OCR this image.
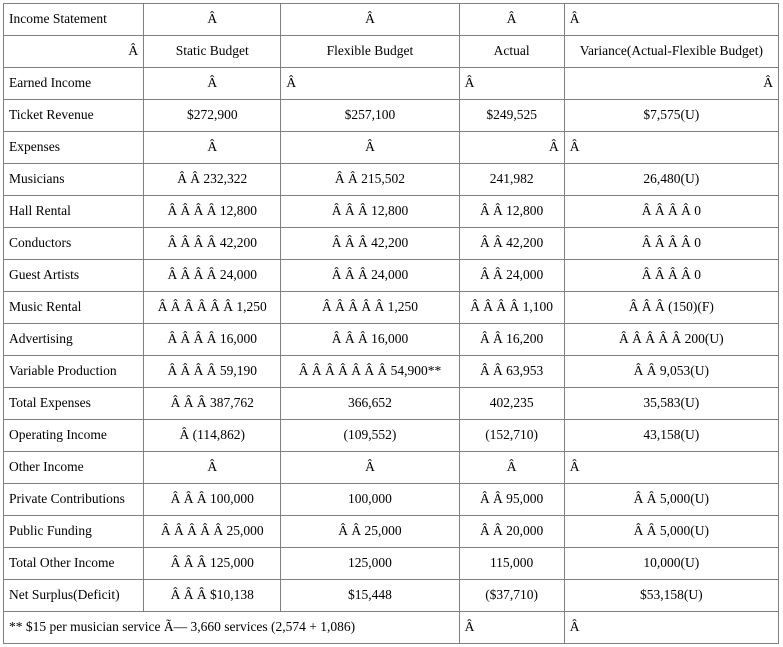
Income Statement	Â	Â	Â	Â
Â	Static Budget	Flexible Budget	Actual	Variance(Actual-Flexible Budget)
Earned Income	Â	Â	Â	Â
Ticket Revenue	$272,900	$257,100	$249,525	$7,575(U)
Expenses	Â	Â	Â	Â
Musicians	Â Â 232,322	Â Â 215,502	241,982	26,480(U)
Hall Rental	Â Â Â Â 12,800	Â Â Â 12,800	Â Â 12,800	Â Â Â Â 0
Conductors	Â Â Â Â 42,200	Â Â Â 42,200	Â Â 42,200	Â Â Â Â 0
Guest Artists	Â Â Â Â 24,000	Â Â Â 24,000	Â Â 24,000	Â Â Â Â 0
Music Rental	Â Â Â Â Â Â 1,250	Â Â Â Â Â 1,250	Â Â Â Â 1,100	Â Â Â (150)(F)
Advertising	Â Â Â Â 16,000	Â Â Â 16,000	Â Â 16,200	Â Â Â Â Â 200(U)
Variable Production	Â Â Â Â 59,190	Â Â Â Â Â Â Â 54,900**	Â Â 63,953	Â Â 9,053(U)
Total Expenses	Â Â Â 387,762	366,652	402,235	35,583(U)
Operating Income	Â (114,862)	(109,552)	(152,710)	43,158(U)
Other Income	Â	Â	Â	Â
Private Contributions	Â Â Â 100,000	100,000	Â Â 95,000	Â Â 5,000(U)
Public Funding	Â Â Â Â Â 25,000	Â Â 25,000	Â Â 20,000	Â Â 5,000(U)
Total Other Income	Â Â Â 125,000	125,000	115,000	10,000(U)
Net Surplus(Deficit)	Â Â Â $10,138	$15,448	($37,710)	$53,158(U)
** $15 per musician service Ã— 3,660 services (2,574 + 1,086)			Â	Â
